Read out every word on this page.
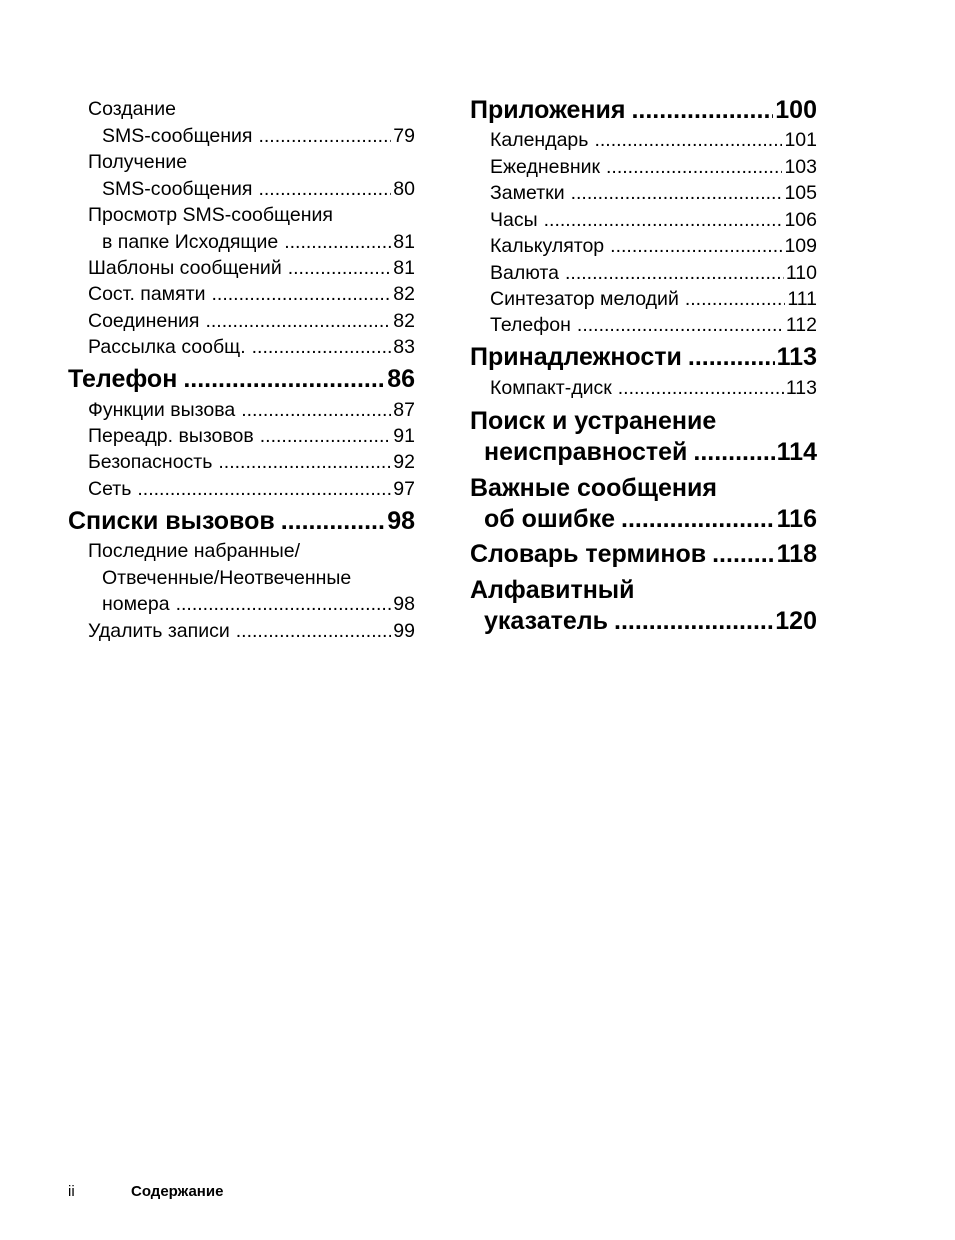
Создание
SMS-сообщения .....	79
Получение
SMS-сообщения .....	80
Просмотр SMS-сообщения
в папке Исходящие .....	81
Шаблоны сообщений .....	81
Сост. памяти .....	82
Соединения .....	82
Рассылка сообщ. .....	83
Телефон .....	86
Функции вызова .....	87
Переадр. вызовов .....	91
Безопасность .....	92
Сеть .....	97
Списки вызовов .....	98
Последние набранные/
Отвеченные/Неотвеченные
номера .....	98
Удалить записи .....	99
Приложения .....	100
Календарь .....	101
Ежедневник .....	103
Заметки .....	105
Часы .....	106
Калькулятор .....	109
Валюта .....	110
Синтезатор мелодий .....	111
Телефон .....	112
Принадлежности .....	113
Компакт-диск .....	113
Поиск и устранение
неисправностей .....	114
Важные сообщения
об ошибке .....	116
Словарь терминов .....	118
Алфавитный
указатель .....	120
ii	Содержание
